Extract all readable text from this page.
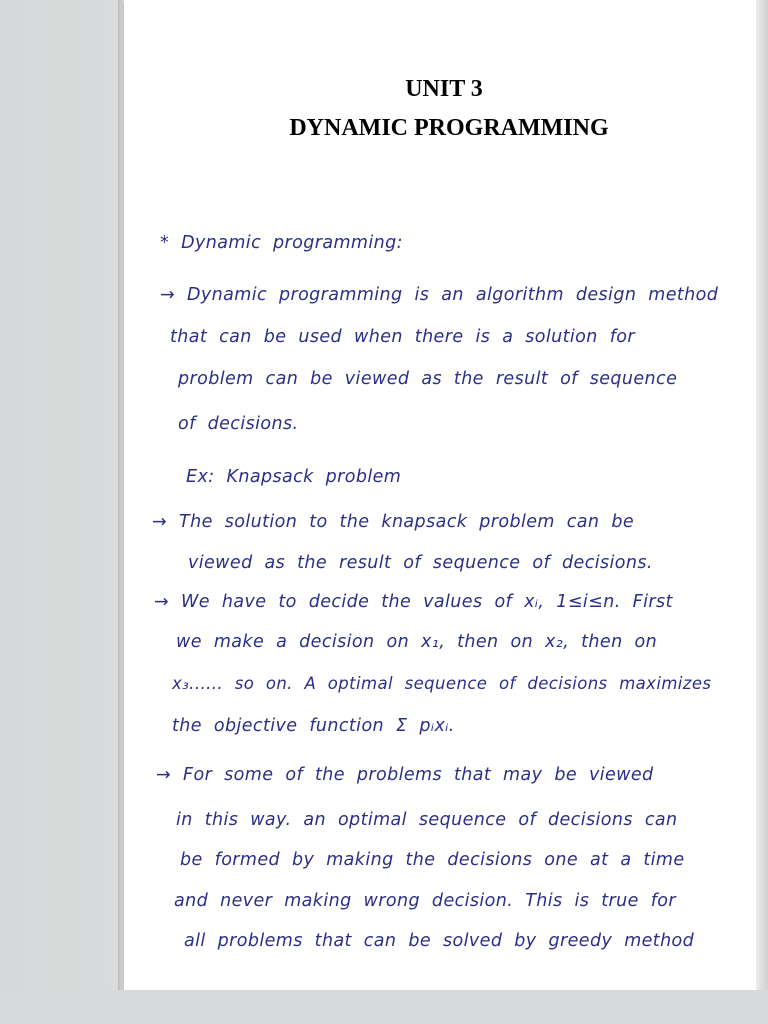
UNIT 3
DYNAMIC PROGRAMMING

* Dynamic programming:

→ Dynamic programming is an algorithm design method

that can be used when there is a solution for

problem can be viewed as the result of sequence

of decisions.

Ex: Knapsack problem

→ The solution to the knapsack problem can be

viewed as the result of sequence of decisions.

→ We have to decide the values of xᵢ, 1≤i≤n. First

we make a decision on x₁, then on x₂, then on

x₃...... so on. A optimal sequence of decisions maximizes

the objective function Σ pᵢxᵢ.

→ For some of the problems that may be viewed

in this way. an optimal sequence of decisions can

be formed by making the decisions one at a time

and never making wrong decision. This is true for

all problems that can be solved by greedy method
